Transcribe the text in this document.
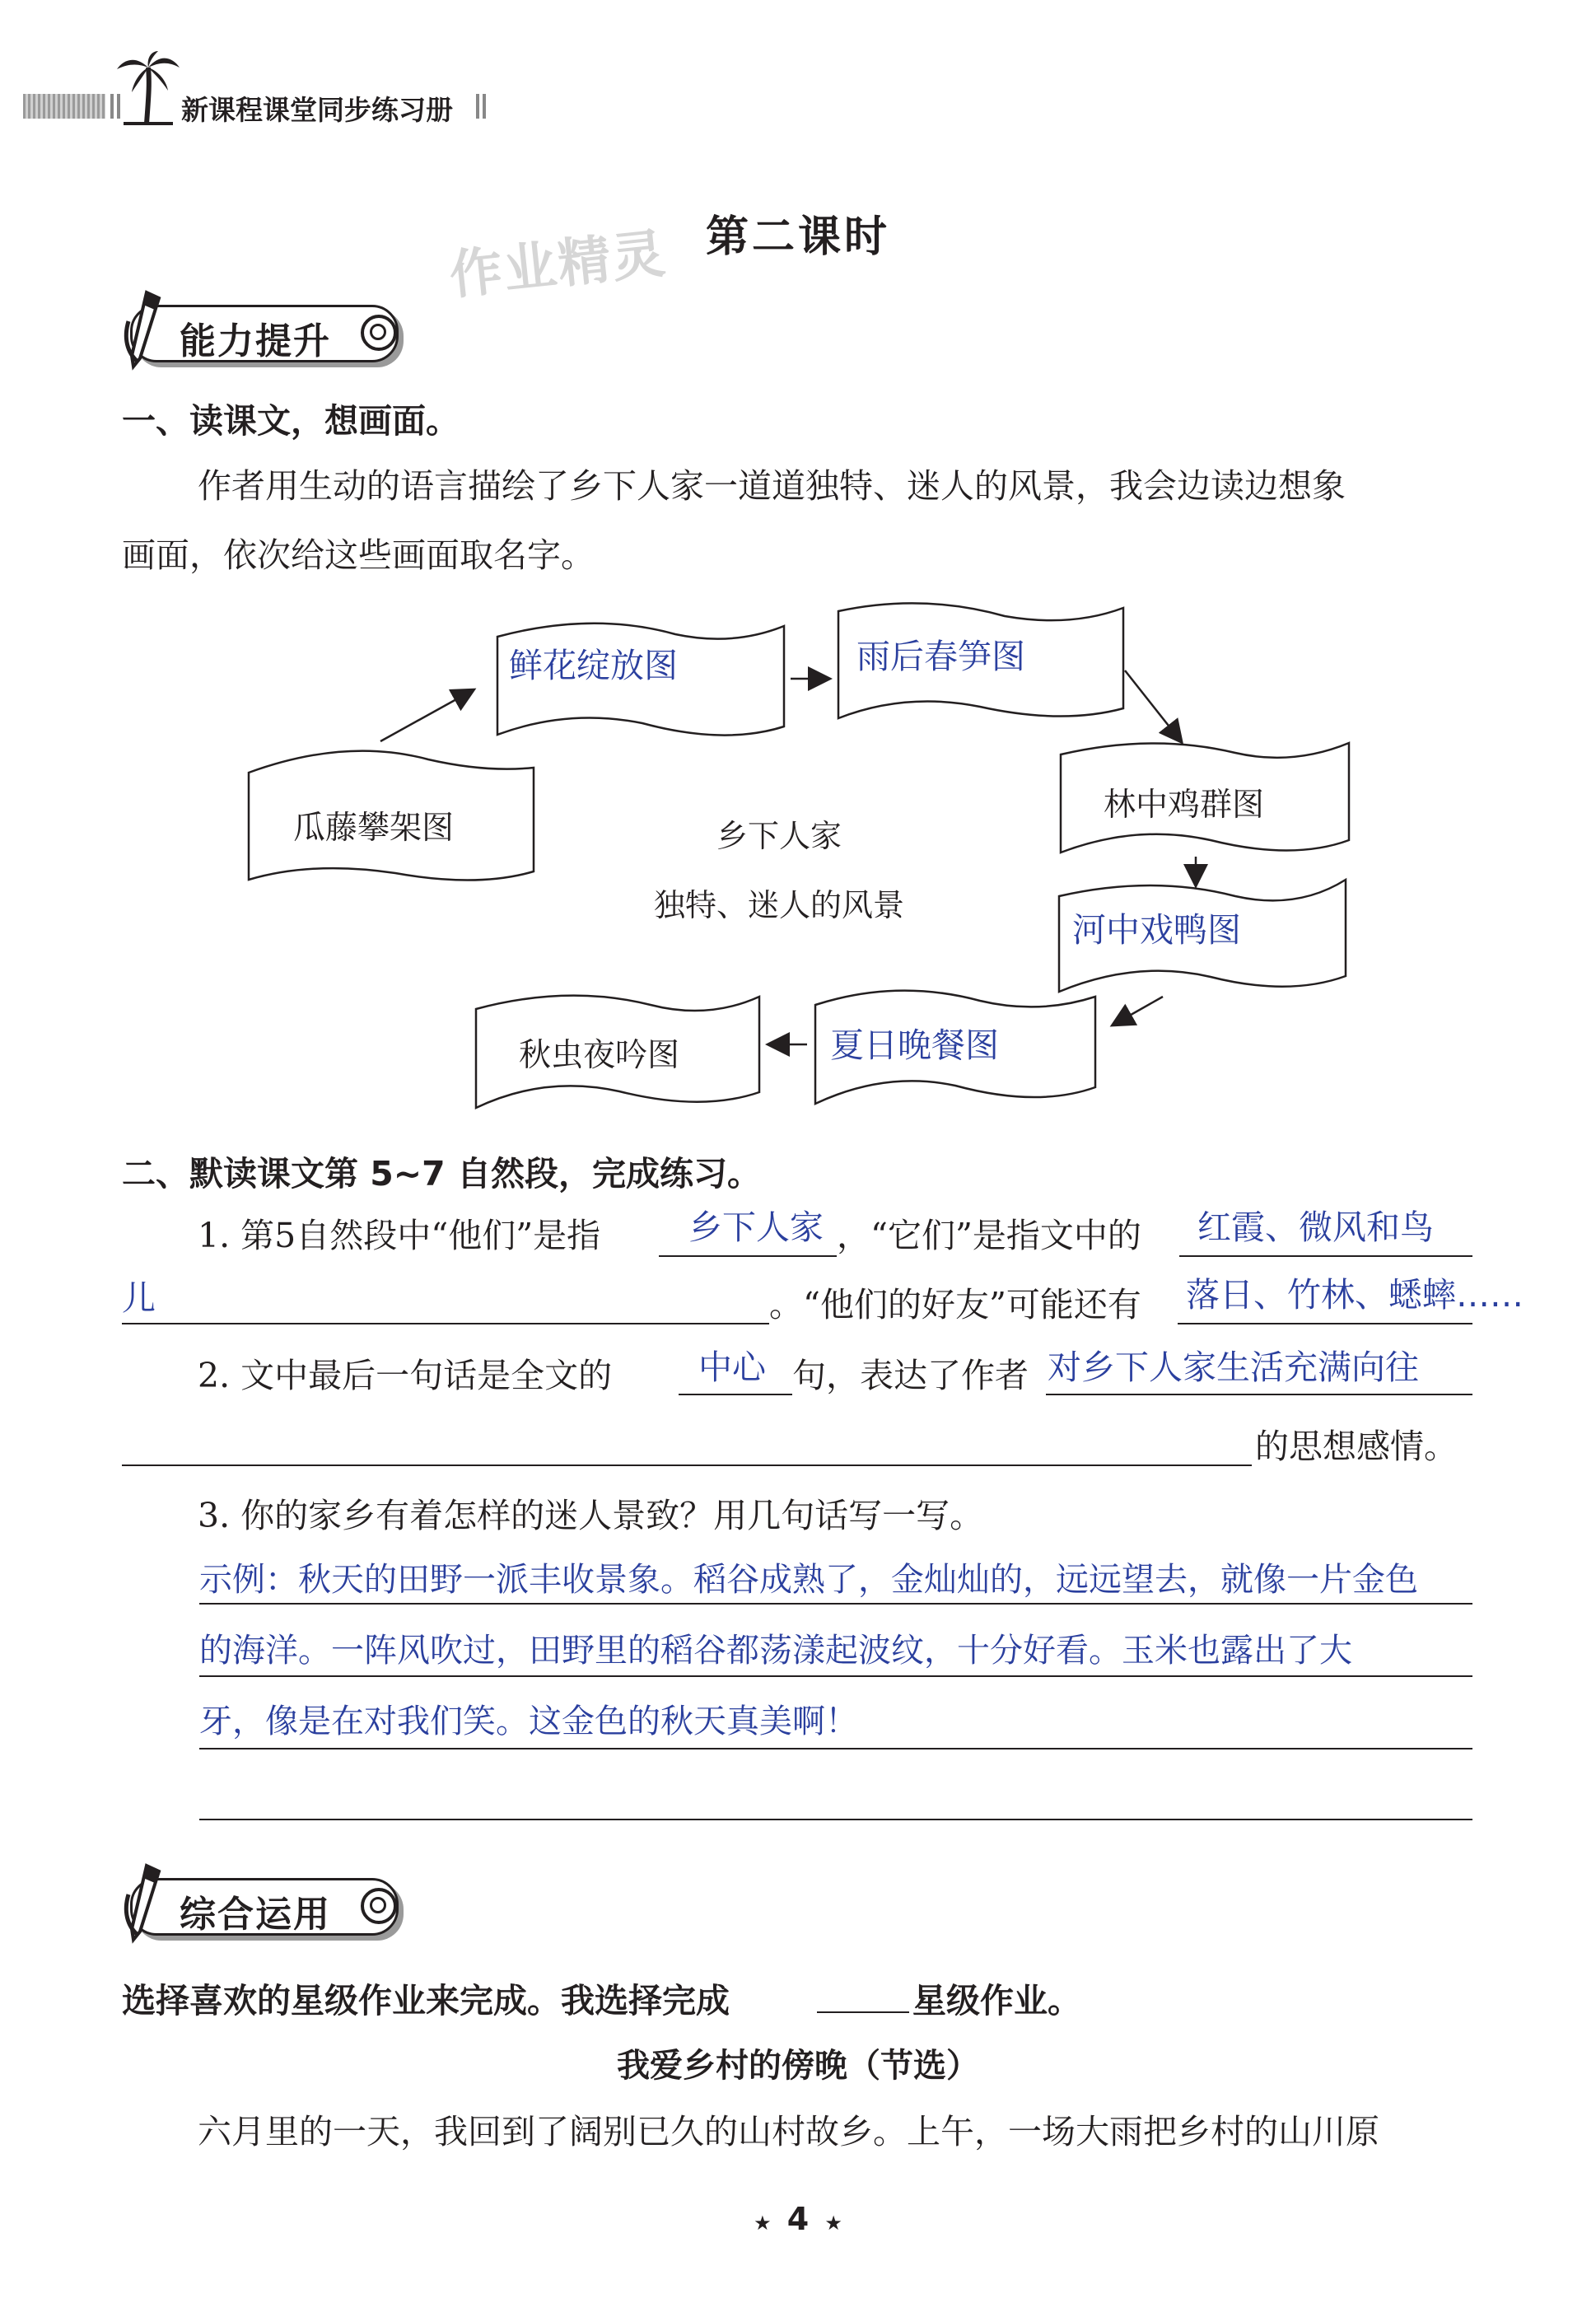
新课程课堂同步练习册
作业精灵 第二课时
能力提升
一、读课文，想画面。
作者用生动的语言描绘了乡下人家一道道独特、迷人的风景，我会边读边想象
画面，依次给这些画面取名字。
瓜藤攀架图
鲜花绽放图	雨后春笋图
林中鸡群图
河中戏鸭图
夏日晚餐图
秋虫夜吟图
乡下人家
独特、迷人的风景
二、默读课文第 5~7 自然段，完成练习。
1. 第5自然段中“他们”是指	乡下人家 ，“它们”是指文中的 红霞、微风和鸟
儿	。“他们的好友”可能还有 落日、竹林、蟋蟀……
2. 文中最后一句话是全文的	中心 句，表达了作者 对乡下人家生活充满向往
的思想感情。
3. 你的家乡有着怎样的迷人景致？用几句话写一写。
示例：秋天的田野一派丰收景象。稻谷成熟了，金灿灿的，远远望去，就像一片金色
的海洋。一阵风吹过，田野里的稻谷都荡漾起波纹，十分好看。玉米也露出了大
牙，像是在对我们笑。这金色的秋天真美啊！
综合运用
选择喜欢的星级作业来完成。我选择完成	星级作业。
我爱乡村的傍晚（节选）
六月里的一天，我回到了阔别已久的山村故乡。上午，一场大雨把乡村的山川原
★ 4 ★
